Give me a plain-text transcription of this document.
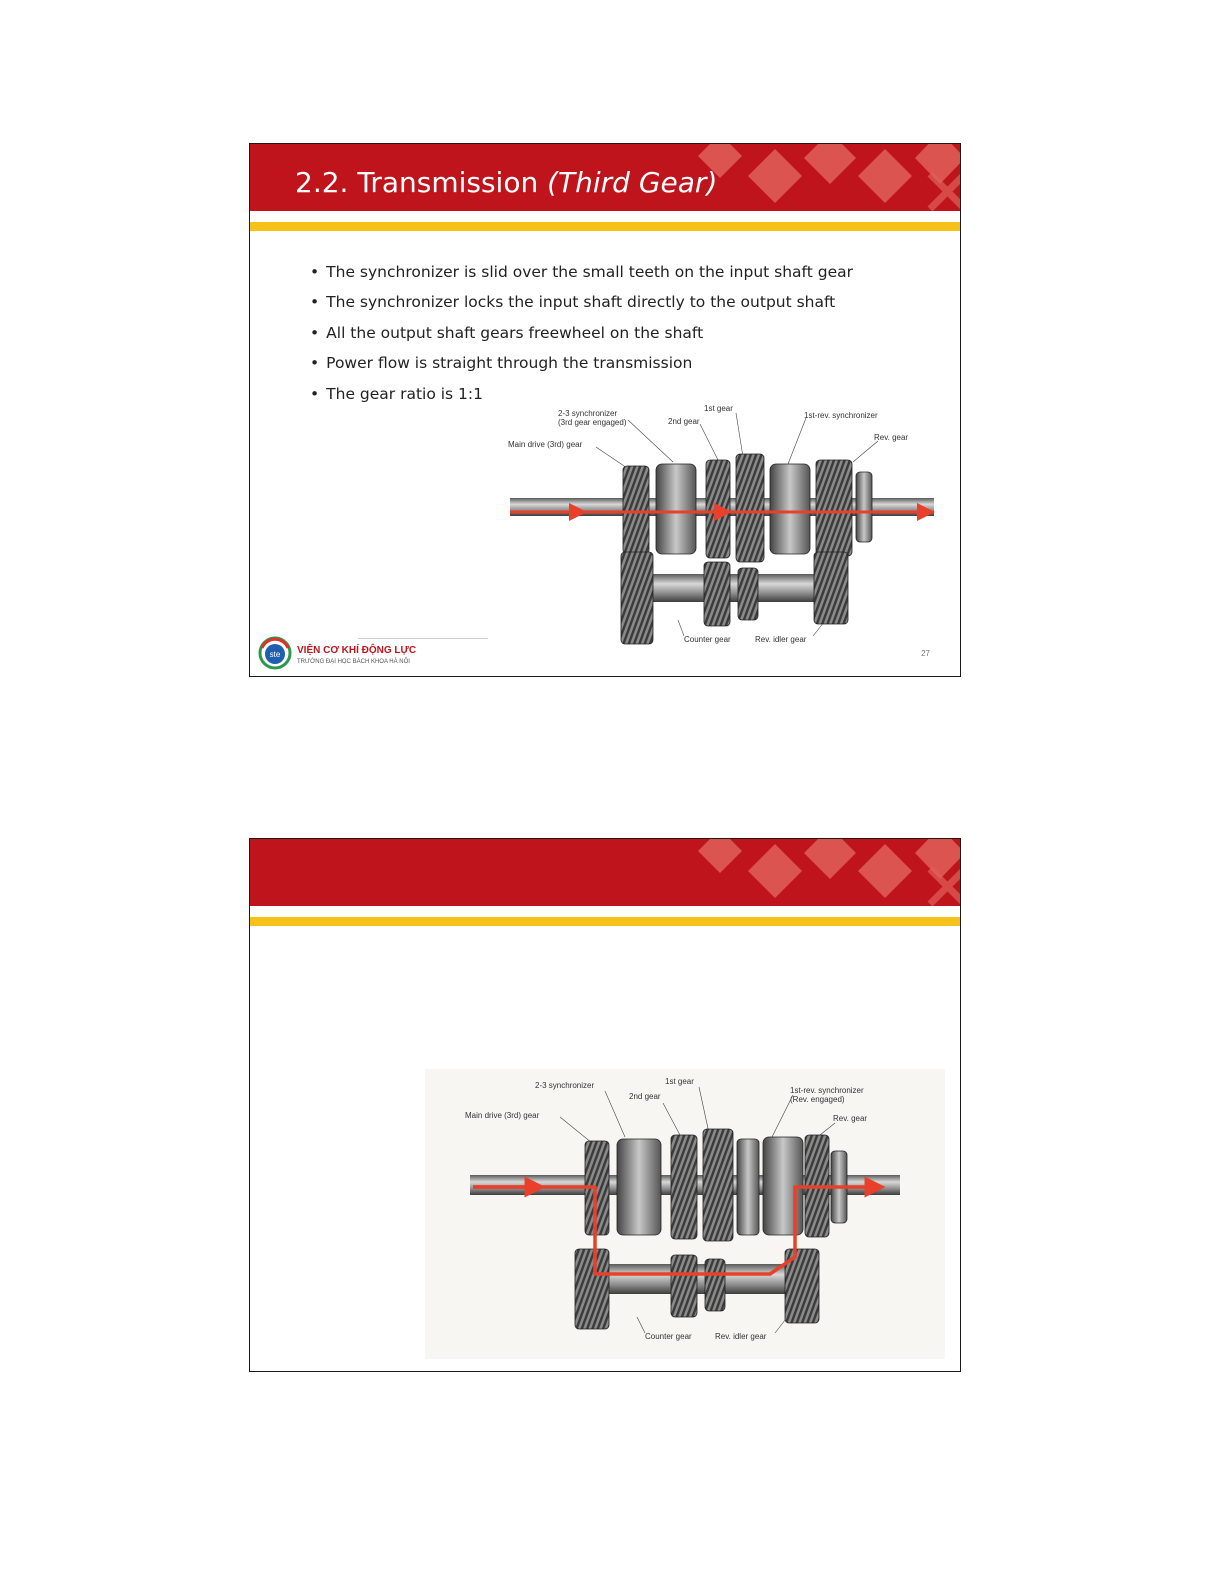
2.2. Transmission (Third Gear)
• The synchronizer is slid over the small teeth on the input shaft gear
• The synchronizer locks the input shaft directly to the output shaft
• All the output shaft gears freewheel on the shaft
• Power flow is straight through the transmission
• The gear ratio is 1:1
2-3 synchronizer
(3rd gear engaged)
Main drive (3rd) gear
2nd gear
1st gear
1st-rev. synchronizer
Rev. gear
Counter gear	Rev. idler gear
ste VIỆN CƠ KHÍ ĐỘNG LỰC
TRƯỜNG ĐẠI HỌC BÁCH KHOA HÀ NỘI
27
2-3 synchronizer	1st gear
2nd gear
Main drive (3rd) gear
1st-rev. synchronizer
(Rev. engaged)
Rev. gear
Counter gear	Rev. idler gear
